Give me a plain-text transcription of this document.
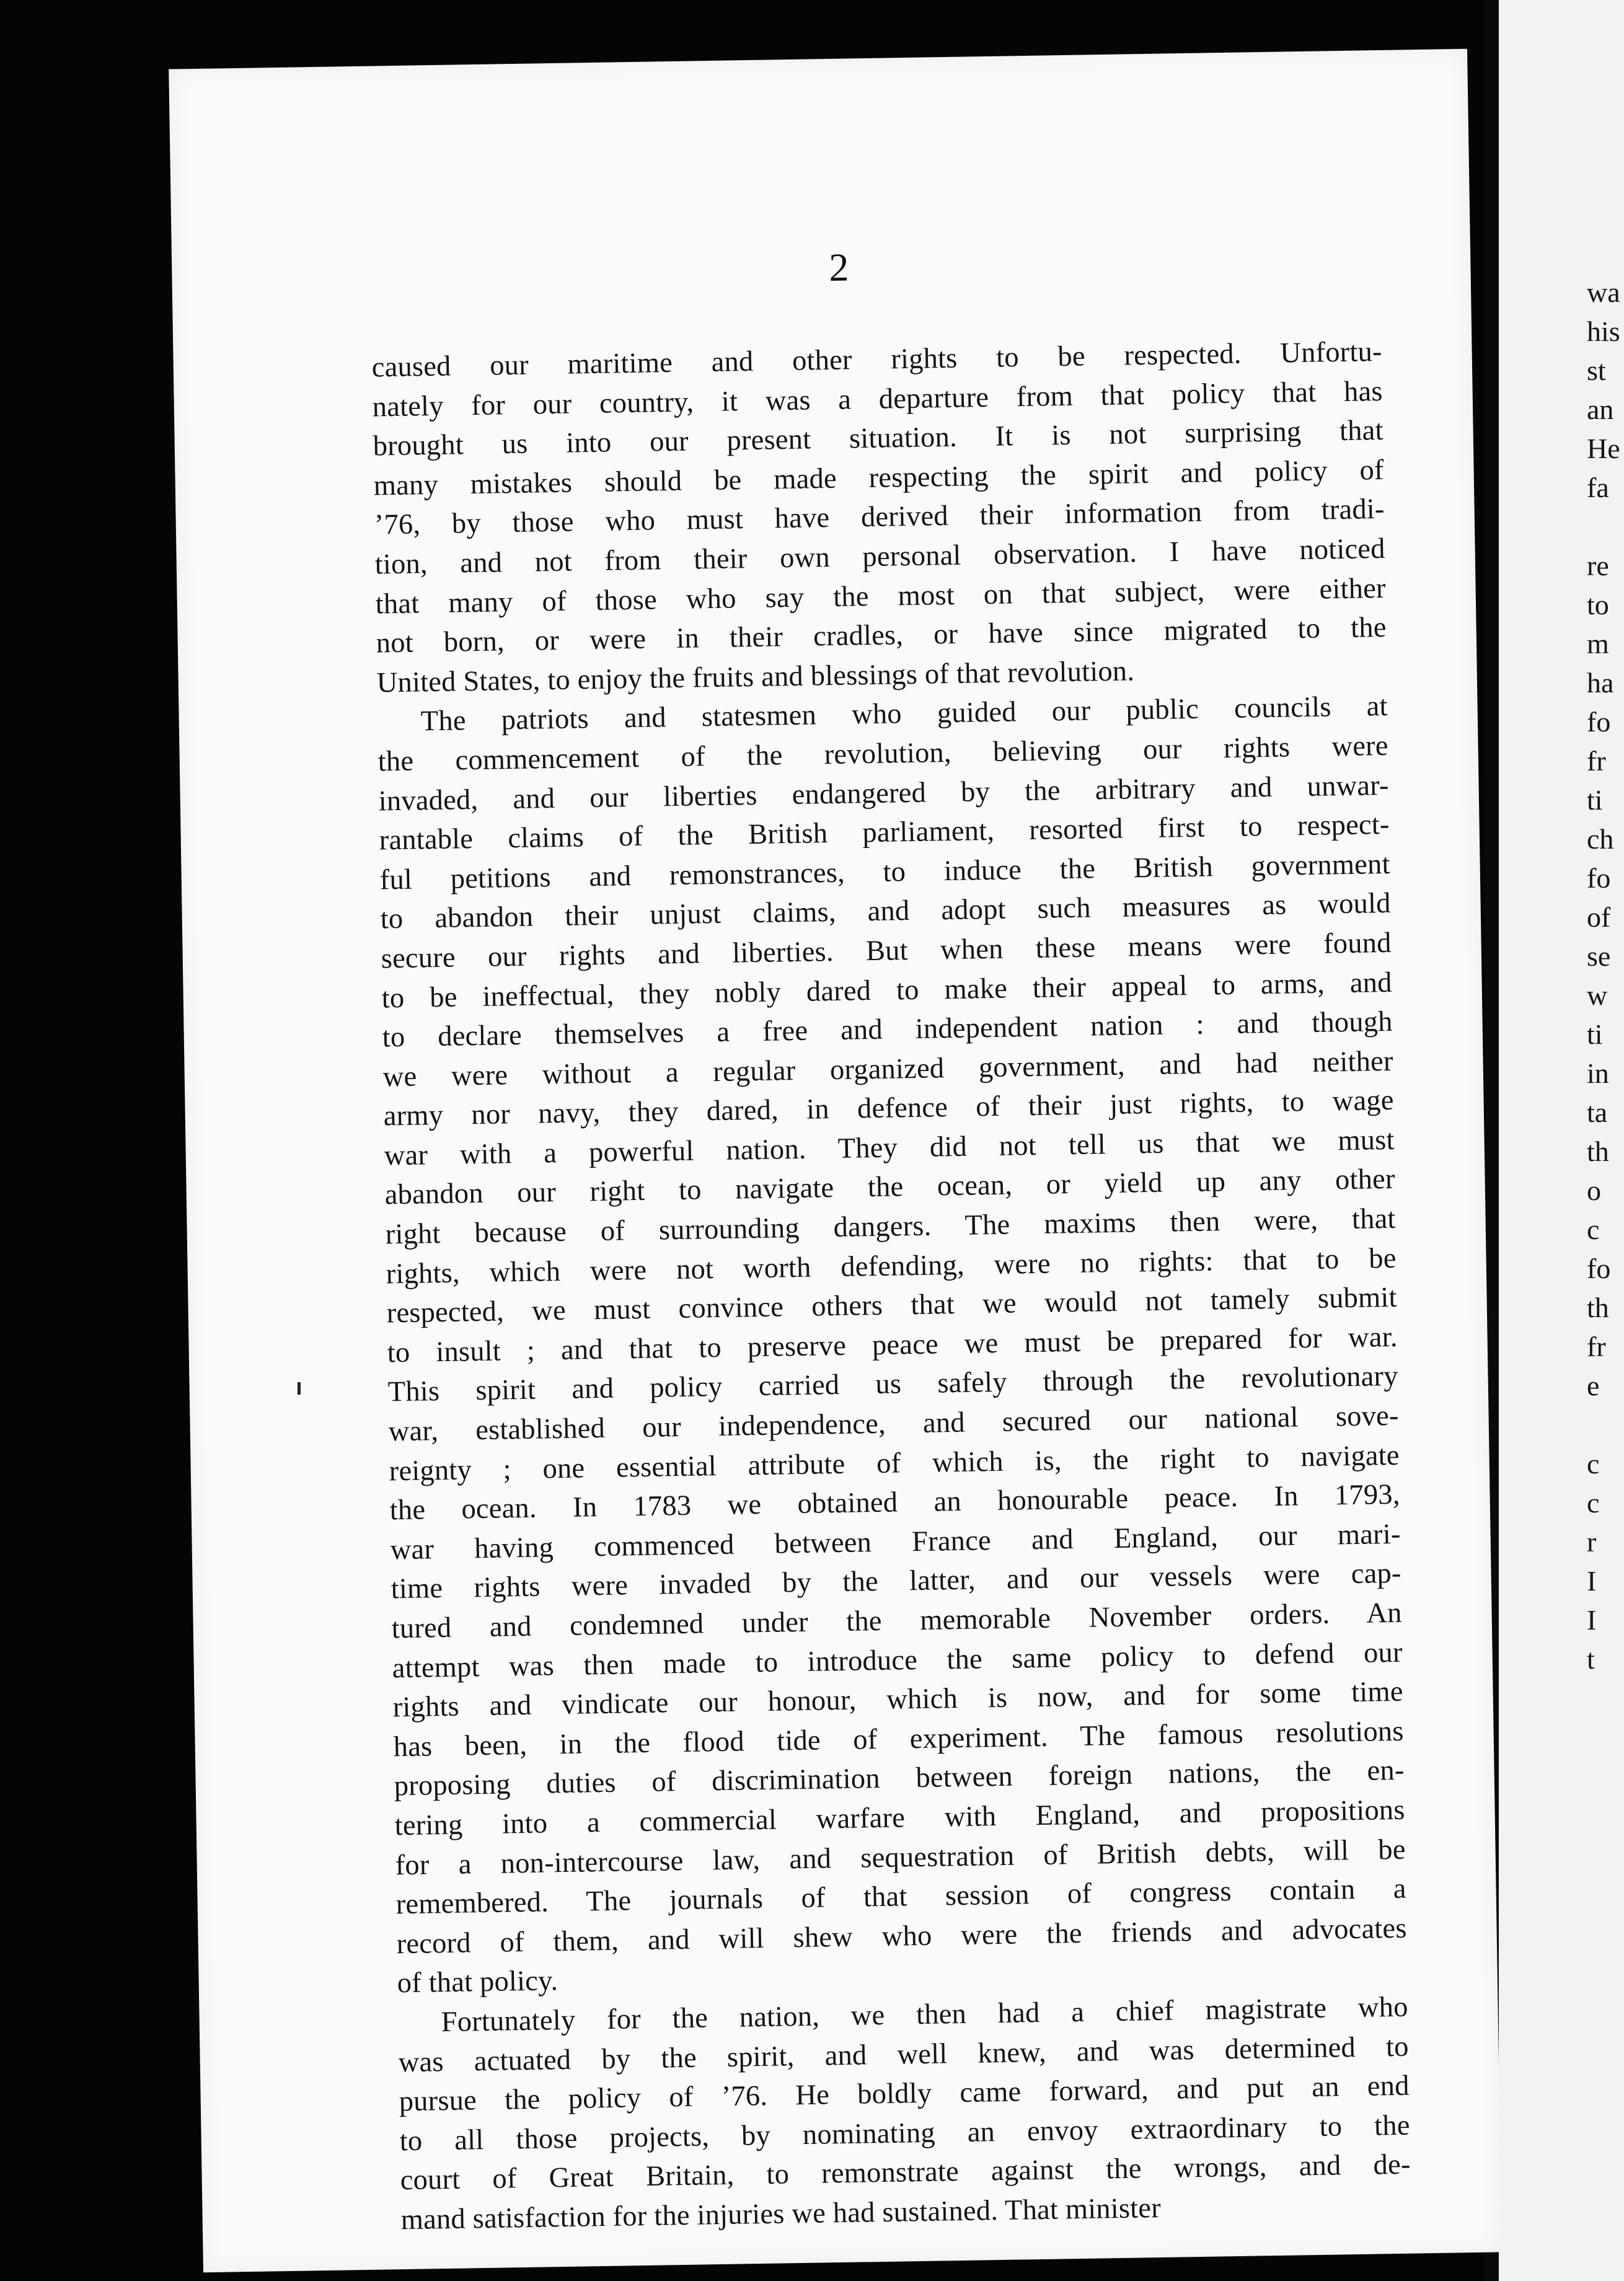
wa
his
st
an
He
fa
re
to
m
ha
fo
fr
ti
ch
fo
of
se
w
ti
in
ta
th
o
c
fo
th
fr
e
c
c
r
I
I
t
2
caused our maritime and other rights to be respected. Unfortu-
nately for our country, it was a departure from that policy that has
brought us into our present situation. It is not surprising that
many mistakes should be made respecting the spirit and policy of
’76, by those who must have derived their information from tradi-
tion, and not from their own personal observation. I have noticed
that many of those who say the most on that subject, were either
not born, or were in their cradles, or have since migrated to the
United States, to enjoy the fruits and blessings of that revolution.
The patriots and statesmen who guided our public councils at
the commencement of the revolution, believing our rights were
invaded, and our liberties endangered by the arbitrary and unwar-
rantable claims of the British parliament, resorted first to respect-
ful petitions and remonstrances, to induce the British government
to abandon their unjust claims, and adopt such measures as would
secure our rights and liberties. But when these means were found
to be ineffectual, they nobly dared to make their appeal to arms, and
to declare themselves a free and independent nation : and though
we were without a regular organized government, and had neither
army nor navy, they dared, in defence of their just rights, to wage
war with a powerful nation. They did not tell us that we must
abandon our right to navigate the ocean, or yield up any other
right because of surrounding dangers. The maxims then were, that
rights, which were not worth defending, were no rights: that to be
respected, we must convince others that we would not tamely submit
to insult ; and that to preserve peace we must be prepared for war.
This spirit and policy carried us safely through the revolutionary
war, established our independence, and secured our national sove-
reignty ; one essential attribute of which is, the right to navigate
the ocean. In 1783 we obtained an honourable peace. In 1793,
war having commenced between France and England, our mari-
time rights were invaded by the latter, and our vessels were cap-
tured and condemned under the memorable November orders. An
attempt was then made to introduce the same policy to defend our
rights and vindicate our honour, which is now, and for some time
has been, in the flood tide of experiment. The famous resolutions
proposing duties of discrimination between foreign nations, the en-
tering into a commercial warfare with England, and propositions
for a non-intercourse law, and sequestration of British debts, will be
remembered. The journals of that session of congress contain a
record of them, and will shew who were the friends and advocates
of that policy.
Fortunately for the nation, we then had a chief magistrate who
was actuated by the spirit, and well knew, and was determined to
pursue the policy of ’76. He boldly came forward, and put an end
to all those projects, by nominating an envoy extraordinary to the
court of Great Britain, to remonstrate against the wrongs, and de-
mand satisfaction for the injuries we had sustained. That minister
